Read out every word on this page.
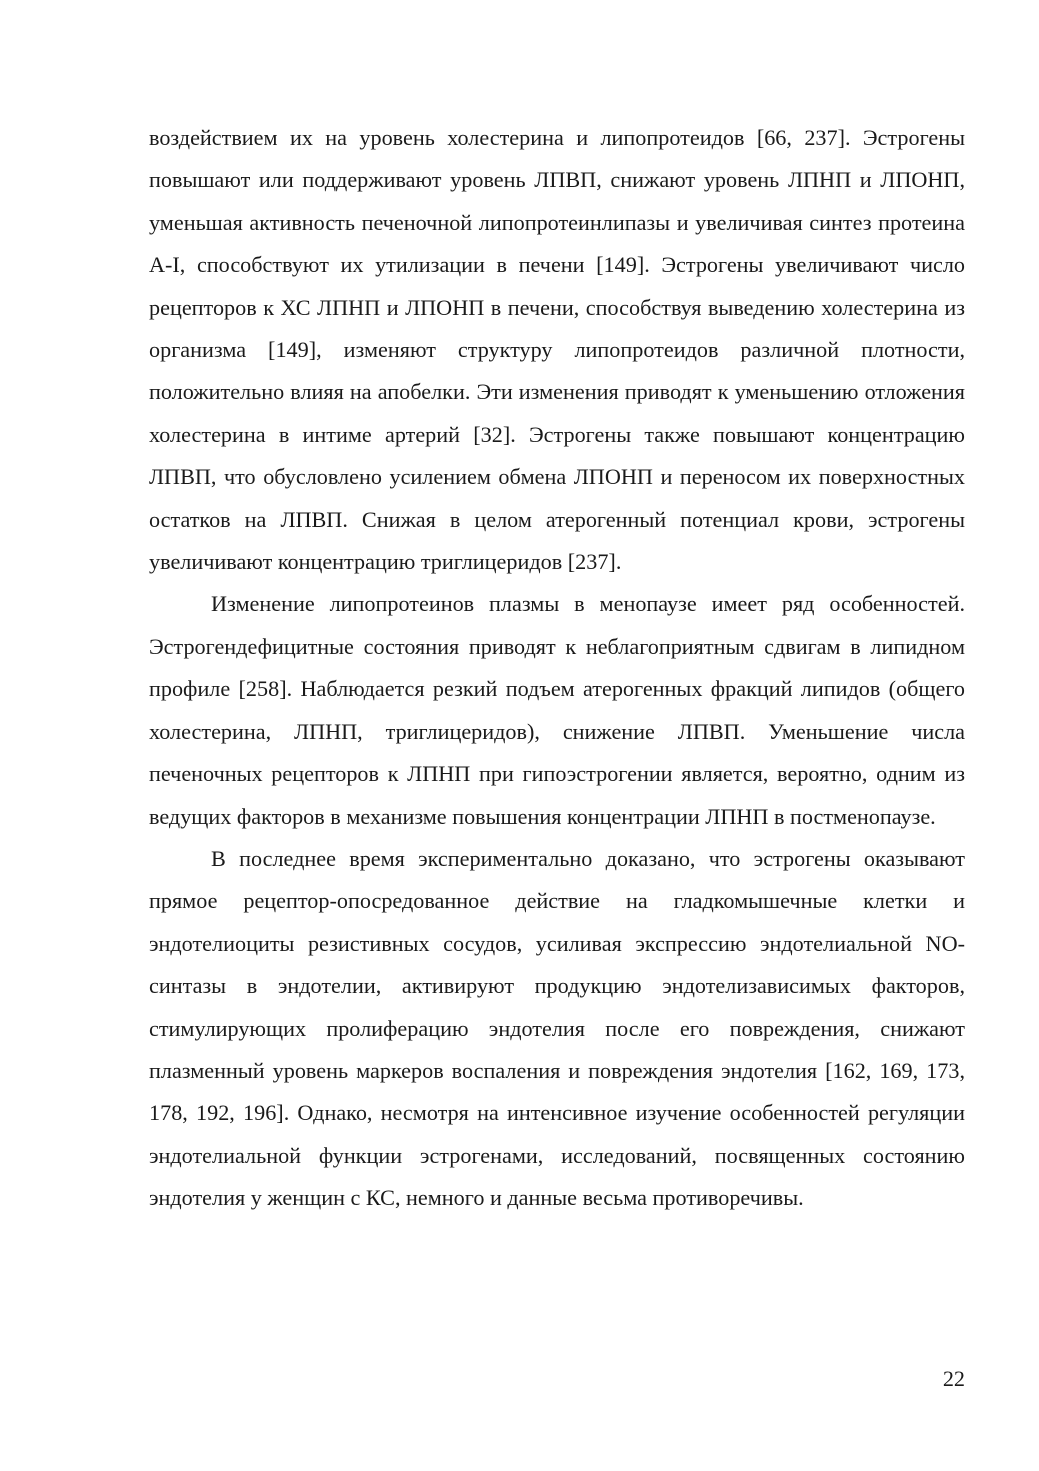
воздействием их на уровень холестерина и липопротеидов [66, 237]. Эстрогены повышают или поддерживают уровень ЛПВП, снижают уровень ЛПНП и ЛПОНП, уменьшая активность печеночной липопротеинлипазы и увеличивая синтез протеина A-I, способствуют их утилизации в печени [149]. Эстрогены увеличивают число рецепторов к ХС ЛПНП и ЛПОНП в печени, способствуя выведению холестерина из организма [149], изменяют структуру липопротеидов различной плотности, положительно влияя на апобелки. Эти изменения приводят к уменьшению отложения холестерина в интиме артерий [32]. Эстрогены также повышают концентрацию ЛПВП, что обусловлено усилением обмена ЛПОНП и переносом их поверхностных остатков на ЛПВП. Снижая в целом атерогенный потенциал крови, эстрогены увеличивают концентрацию триглицеридов [237].

Изменение липопротеинов плазмы в менопаузе имеет ряд особенностей. Эстрогендефицитные состояния приводят к неблагоприятным сдвигам в липидном профиле [258]. Наблюдается резкий подъем атерогенных фракций липидов (общего холестерина, ЛПНП, триглицеридов), снижение ЛПВП. Уменьшение числа печеночных рецепторов к ЛПНП при гипоэстрогении является, вероятно, одним из ведущих факторов в механизме повышения концентрации ЛПНП в постменопаузе.

В последнее время экспериментально доказано, что эстрогены оказывают прямое рецептор-опосредованное действие на гладкомышечные клетки и эндотелиоциты резистивных сосудов, усиливая экспрессию эндотелиальной NO-синтазы в эндотелии, активируют продукцию эндотелизависимых факторов, стимулирующих пролиферацию эндотелия после его повреждения, снижают плазменный уровень маркеров воспаления и повреждения эндотелия [162, 169, 173, 178, 192, 196]. Однако, несмотря на интенсивное изучение особенностей регуляции эндотелиальной функции эстрогенами, исследований, посвященных состоянию эндотелия у женщин с КС, немного и данные весьма противоречивы.

22
